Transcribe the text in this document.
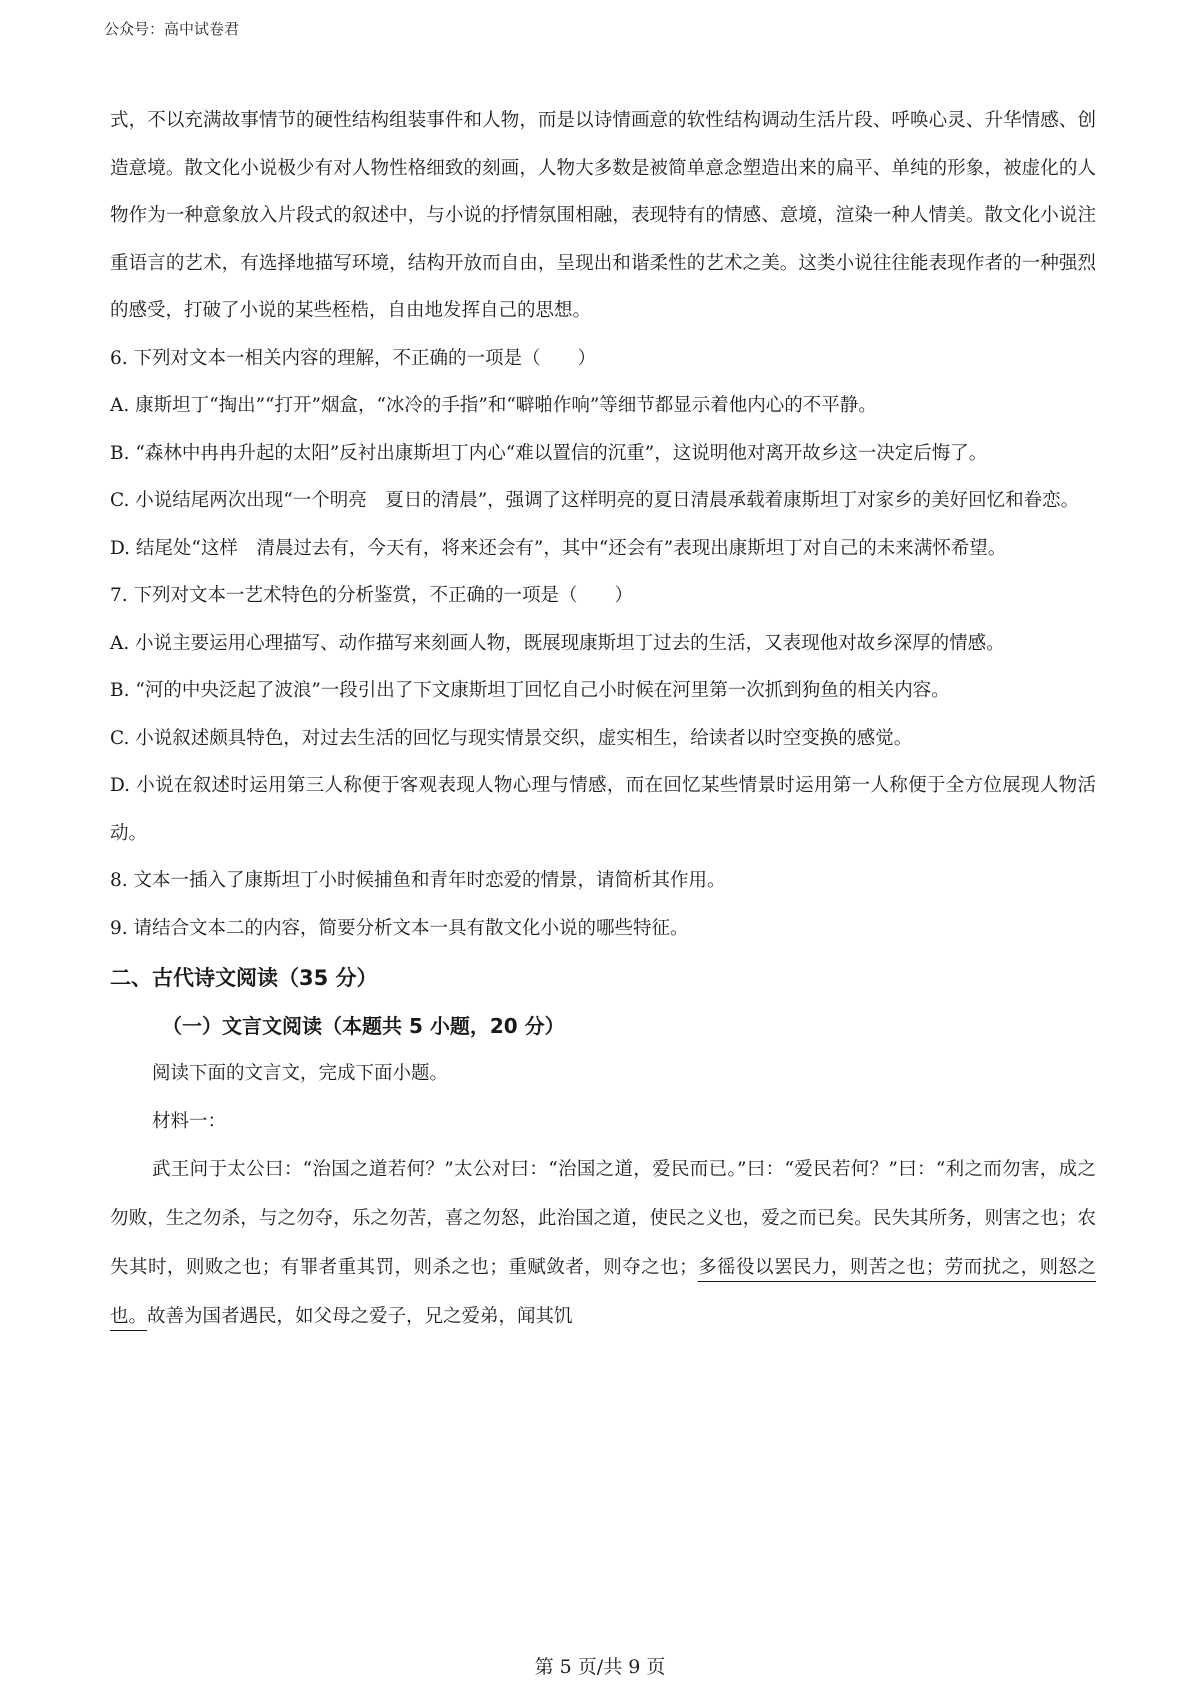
公众号：高中试卷君

式，不以充满故事情节的硬性结构组装事件和人物，而是以诗情画意的软性结构调动生活片段、呼唤心灵、升华情感、创造意境。散文化小说极少有对人物性格细致的刻画，人物大多数是被简单意念塑造出来的扁平、单纯的形象，被虚化的人物作为一种意象放入片段式的叙述中，与小说的抒情氛围相融，表现特有的情感、意境，渲染一种人情美。散文化小说注重语言的艺术，有选择地描写环境，结构开放而自由，呈现出和谐柔性的艺术之美。这类小说往往能表现作者的一种强烈的感受，打破了小说的某些桎梏，自由地发挥自己的思想。

6. 下列对文本一相关内容的理解，不正确的一项是（　　）

A. 康斯坦丁“掏出”“打开”烟盒，“冰冷的手指”和“噼啪作响”等细节都显示着他内心的不平静。

B. “森林中冉冉升起的太阳”反衬出康斯坦丁内心“难以置信的沉重”，这说明他对离开故乡这一决定后悔了。

C. 小说结尾两次出现“一个明亮　夏日的清晨”，强调了这样明亮的夏日清晨承载着康斯坦丁对家乡的美好回忆和眷恋。

D. 结尾处“这样　清晨过去有，今天有，将来还会有”，其中“还会有”表现出康斯坦丁对自己的未来满怀希望。

7. 下列对文本一艺术特色的分析鉴赏，不正确的一项是（　　）

A. 小说主要运用心理描写、动作描写来刻画人物，既展现康斯坦丁过去的生活，又表现他对故乡深厚的情感。

B. “河的中央泛起了波浪”一段引出了下文康斯坦丁回忆自己小时候在河里第一次抓到狗鱼的相关内容。

C. 小说叙述颇具特色，对过去生活的回忆与现实情景交织，虚实相生，给读者以时空变换的感觉。

D. 小说在叙述时运用第三人称便于客观表现人物心理与情感，而在回忆某些情景时运用第一人称便于全方位展现人物活动。

8. 文本一插入了康斯坦丁小时候捕鱼和青年时恋爱的情景，请简析其作用。

9. 请结合文本二的内容，简要分析文本一具有散文化小说的哪些特征。

二、古代诗文阅读（35 分）
（一）文言文阅读（本题共 5 小题，20 分）

阅读下面的文言文，完成下面小题。

材料一：

武王问于太公曰：“治国之道若何？”太公对曰：“治国之道，爱民而已。”曰：“爱民若何？”曰：“利之而勿害，成之勿败，生之勿杀，与之勿夺，乐之勿苦，喜之勿怒，此治国之道，使民之义也，爱之而已矣。民失其所务，则害之也；农失其时，则败之也；有罪者重其罚，则杀之也；重赋敛者，则夺之也；多徭役以罢民力，则苦之也；劳而扰之，则怒之也。故善为国者遇民，如父母之爱子，兄之爱弟，闻其饥

第 5 页/共 9 页
